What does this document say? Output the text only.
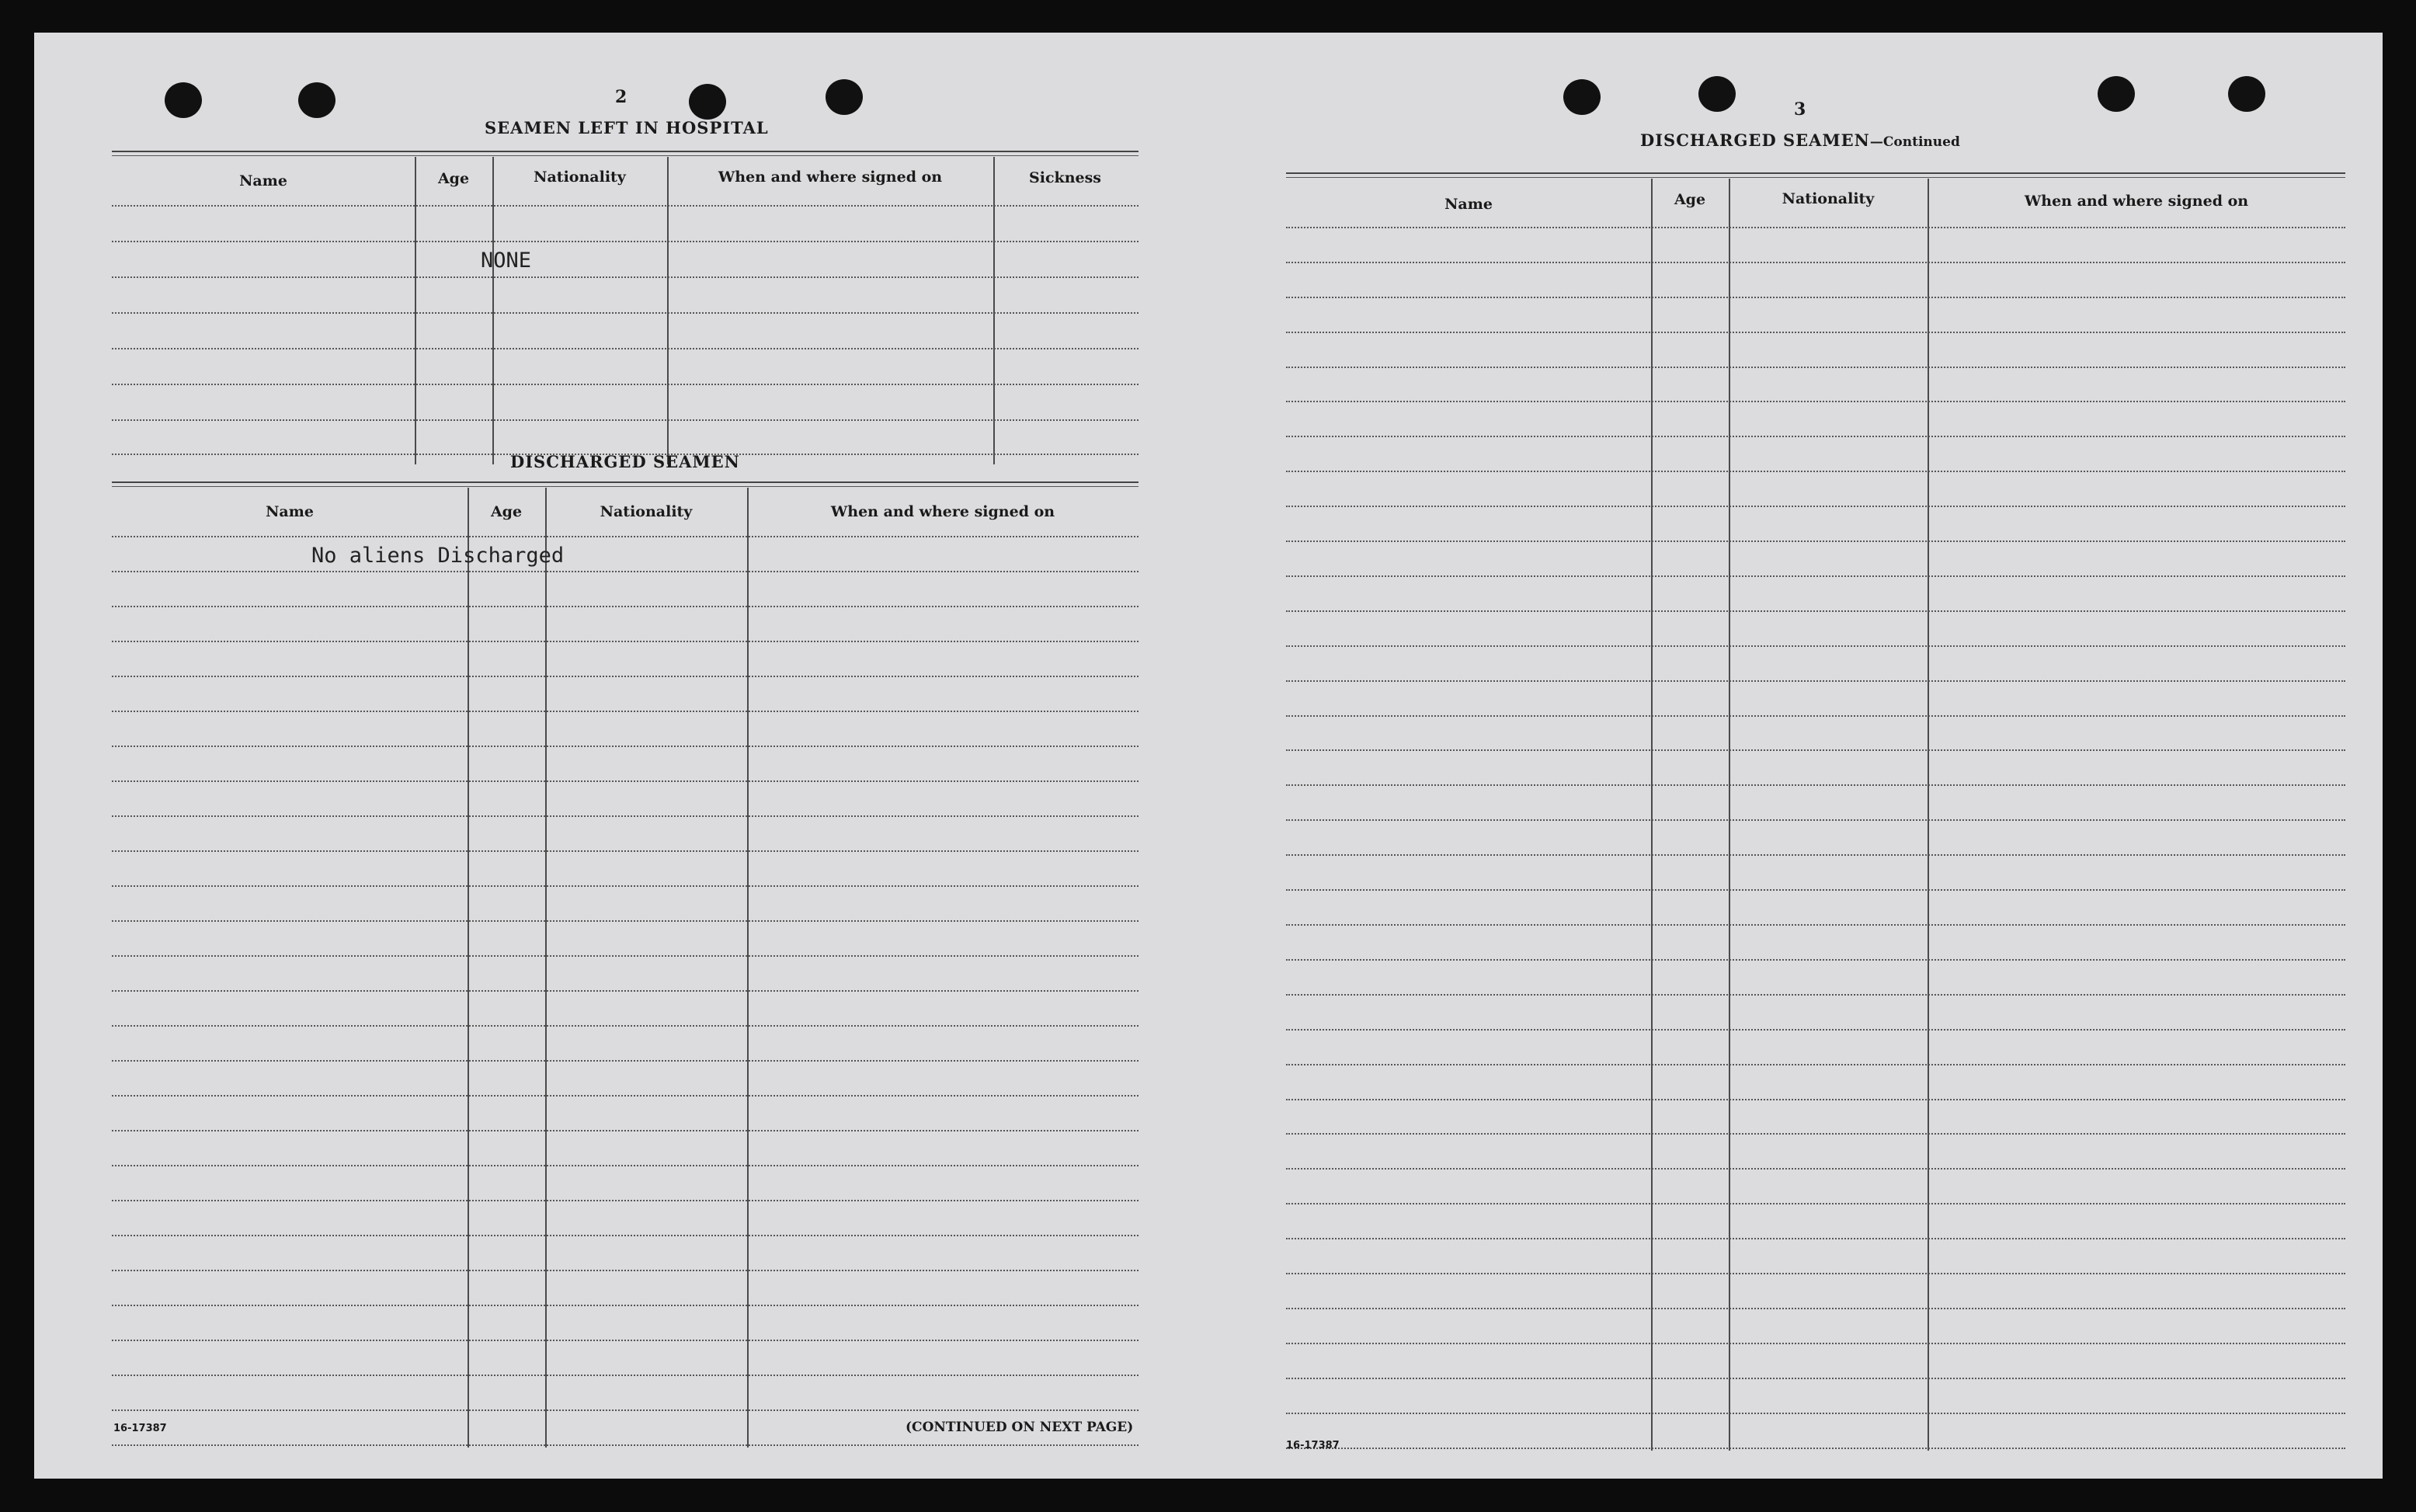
2
SEAMEN LEFT IN HOSPITAL
Name	Age	Nationality	When and where signed on	Sickness
NONE
DISCHARGED SEAMEN
Name	Age	Nationality	When and where signed on
No aliens Discharged
16-17387	(CONTINUED ON NEXT PAGE)
3
DISCHARGED SEAMEN—Continued
Name	Age	Nationality	When and where signed on
16-17387
